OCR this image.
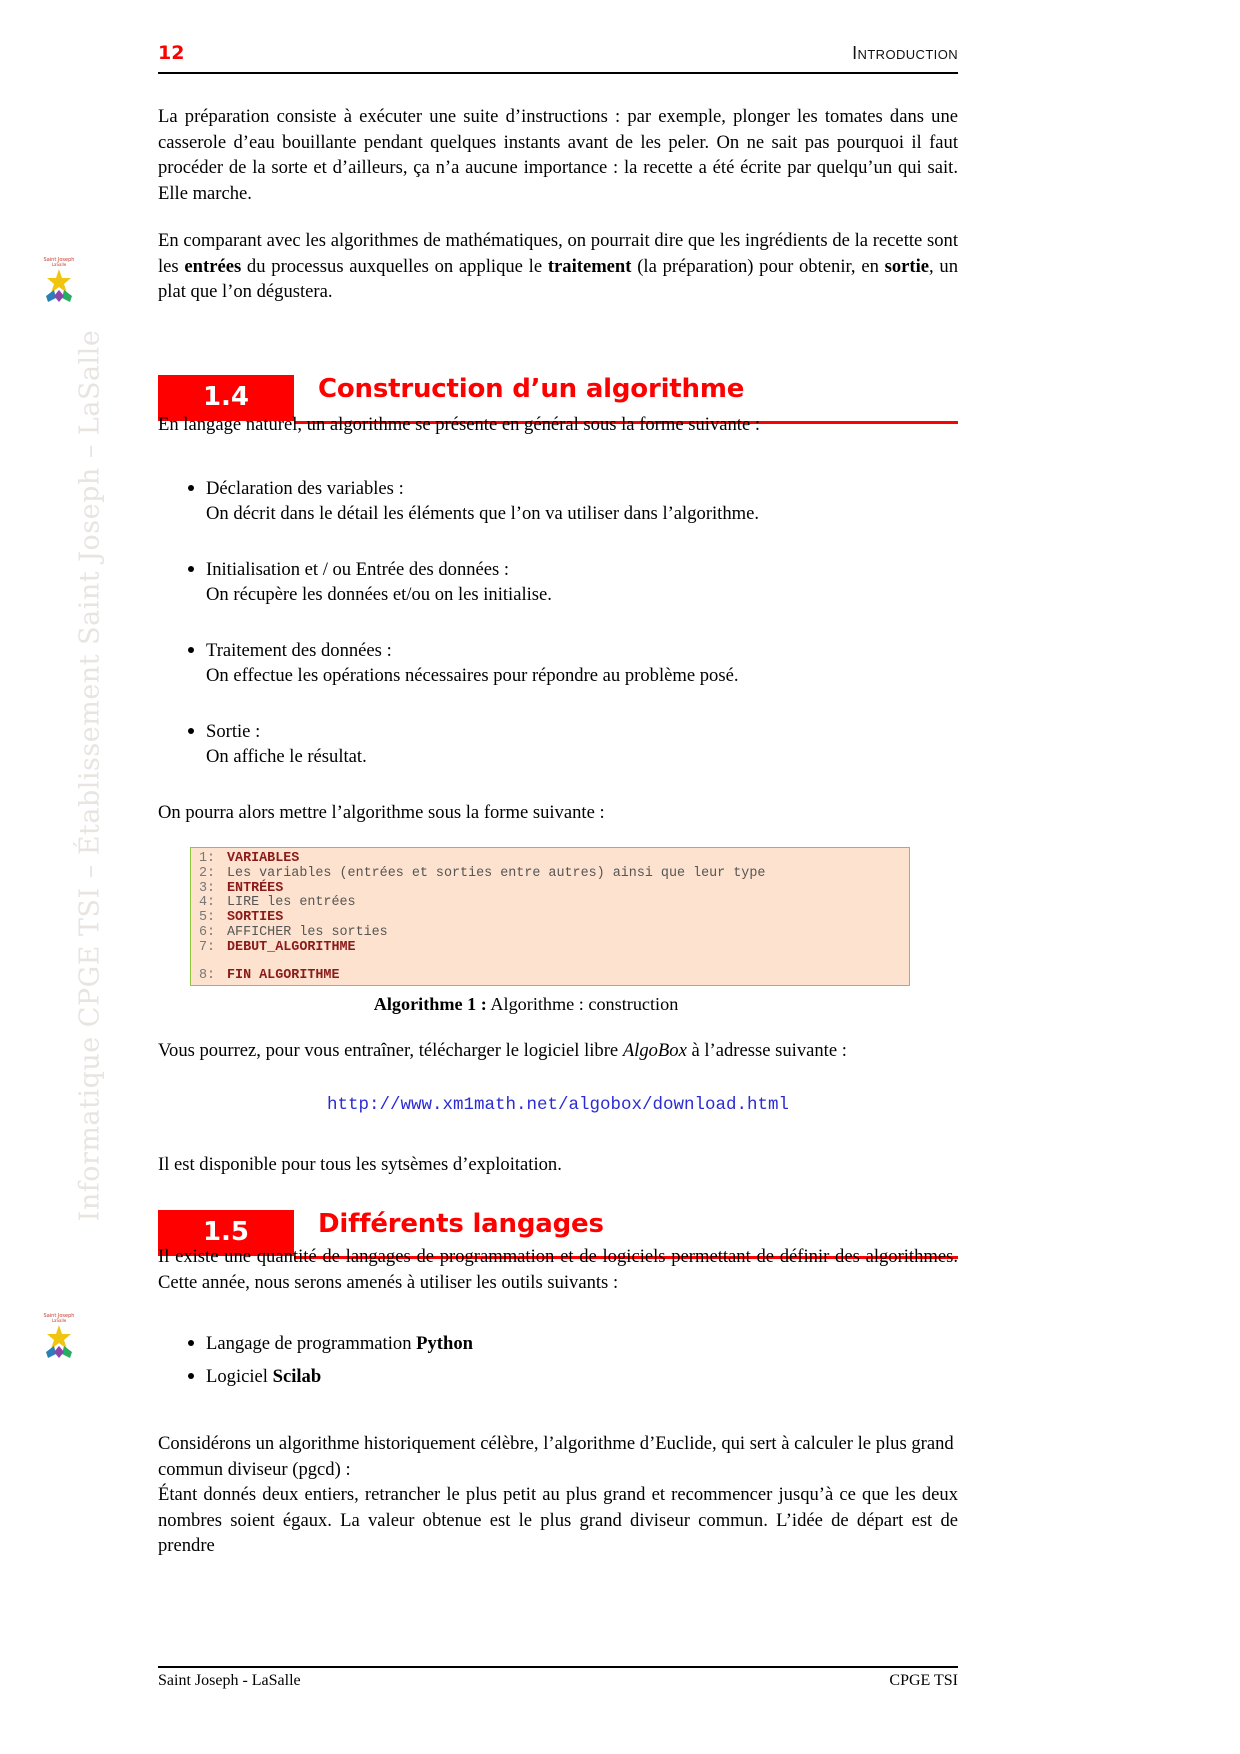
Saint Joseph
LaSalle
Informatique CPGE TSI – Établissement Saint Joseph – LaSalle
Saint Joseph
LaSalle
12	Introduction

La préparation consiste à exécuter une suite d’instructions : par exemple, plonger les tomates dans une casserole d’eau bouillante pendant quelques instants avant de les peler. On ne sait pas pourquoi il faut procéder de la sorte et d’ailleurs, ça n’a aucune importance : la recette a été écrite par quelqu’un qui sait. Elle marche.

En comparant avec les algorithmes de mathématiques, on pourrait dire que les ingrédients de la recette sont les entrées du processus auxquelles on applique le traitement (la préparation) pour obtenir, en sortie, un plat que l’on dégustera.

1.4	Construction d’un algorithme

En langage naturel, un algorithme se présente en général sous la forme suivante :

Déclaration des variables :
On décrit dans le détail les éléments que l’on va utiliser dans l’algorithme.
Initialisation et / ou Entrée des données :
On récupère les données et/ou on les initialise.
Traitement des données :
On effectue les opérations nécessaires pour répondre au problème posé.
Sortie :
On affiche le résultat.

On pourra alors mettre l’algorithme sous la forme suivante :

1: VARIABLES
2: Les variables (entrées et sorties entre autres) ainsi que leur type
3: ENTRÉES
4: LIRE les entrées
5: SORTIES
6: AFFICHER les sorties
7: DEBUT_ALGORITHME
8: FIN ALGORITHME
Algorithme 1 : Algorithme : construction

Vous pourrez, pour vous entraîner, télécharger le logiciel libre AlgoBox à l’adresse suivante :

http://www.xm1math.net/algobox/download.html

Il est disponible pour tous les sytsèmes d’exploitation.

1.5	Différents langages

Il existe une quantité de langages de programmation et de logiciels permettant de définir des algorithmes. Cette année, nous serons amenés à utiliser les outils suivants :

Langage de programmation Python
Logiciel Scilab

Considérons un algorithme historiquement célèbre, l’algorithme d’Euclide, qui sert à calculer le plus grand commun diviseur (pgcd) :

Étant donnés deux entiers, retrancher le plus petit au plus grand et recommencer jusqu’à ce que les deux nombres soient égaux. La valeur obtenue est le plus grand diviseur commun. L’idée de départ est de prendre

Saint Joseph - LaSalle	CPGE TSI
